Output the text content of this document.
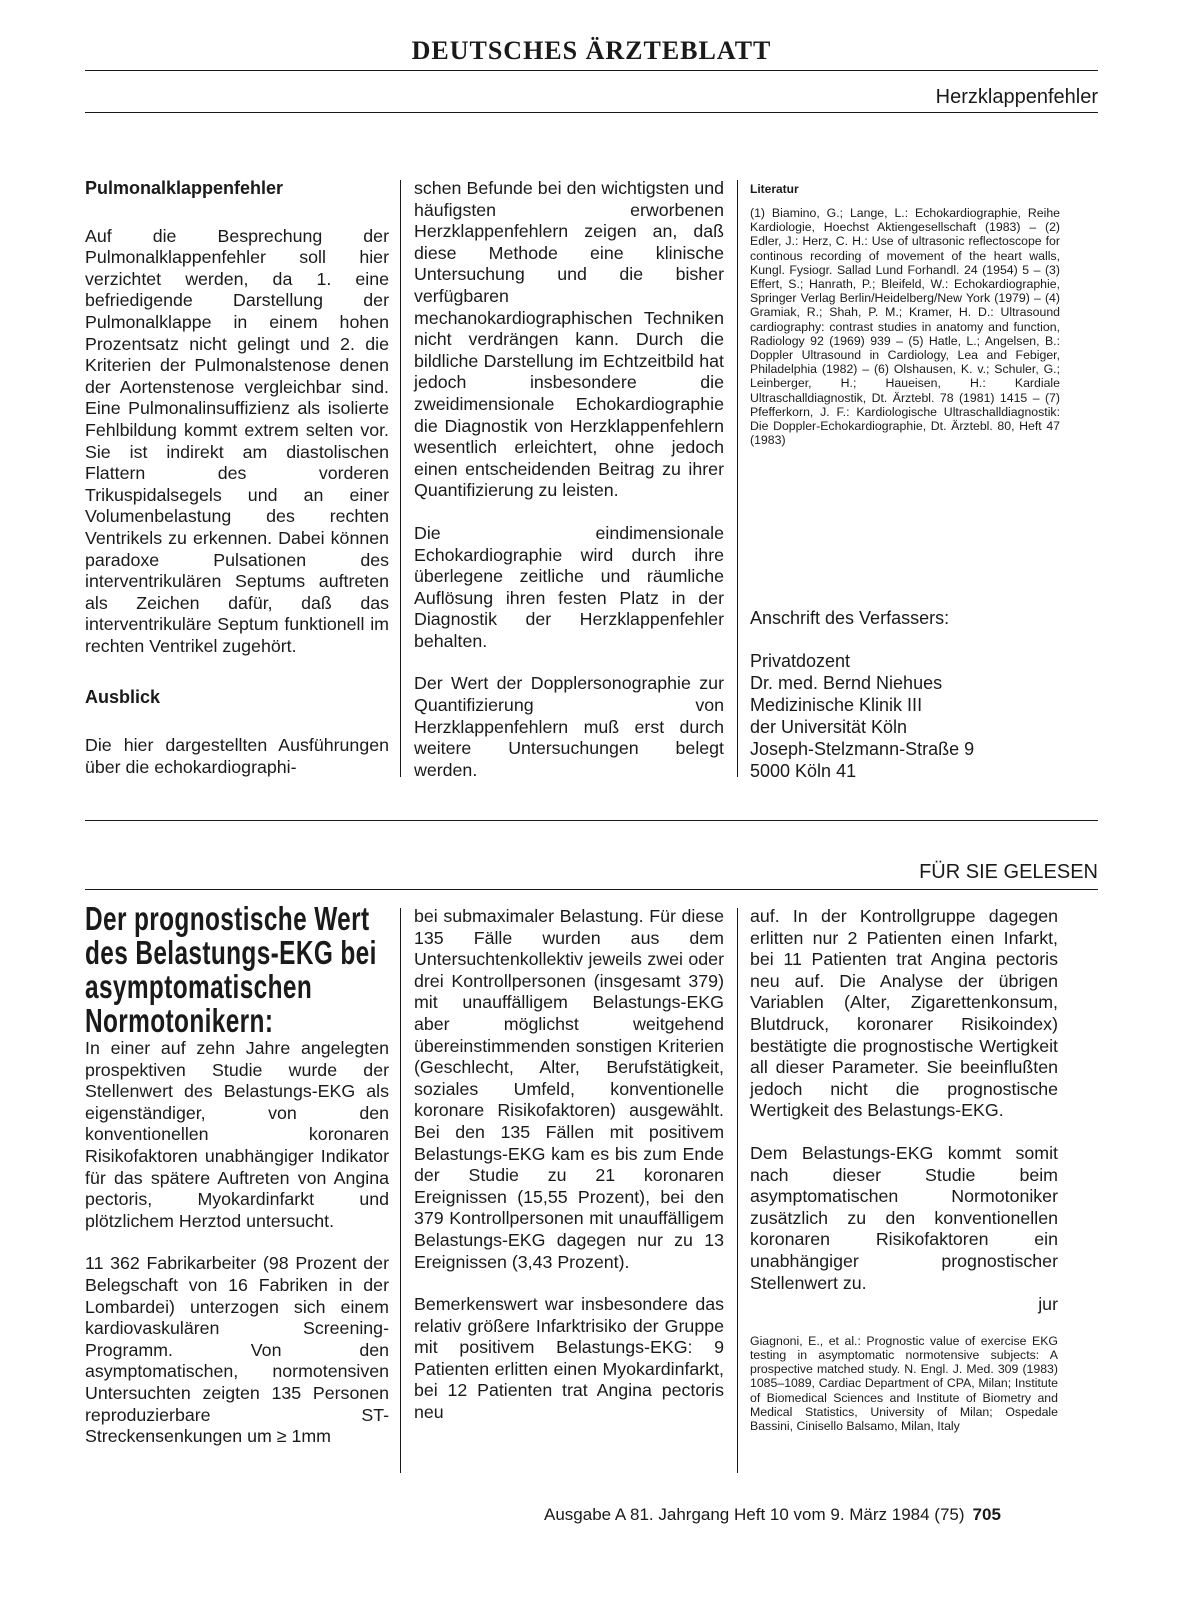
DEUTSCHES ÄRZTEBLATT
Herzklappenfehler
Pulmonalklappenfehler

Auf die Besprechung der Pulmonalklappenfehler soll hier verzichtet werden, da 1. eine befriedigende Darstellung der Pulmonalklappe in einem hohen Prozentsatz nicht gelingt und 2. die Kriterien der Pulmonalstenose denen der Aortenstenose vergleichbar sind. Eine Pulmonalinsuffizienz als isolierte Fehlbildung kommt extrem selten vor. Sie ist indirekt am diastolischen Flattern des vorderen Trikuspidalsegels und an einer Volumenbelastung des rechten Ventrikels zu erkennen. Dabei können paradoxe Pulsationen des interventrikulären Septums auftreten als Zeichen dafür, daß das interventrikuläre Septum funktionell im rechten Ventrikel zugehört.

Ausblick

Die hier dargestellten Ausführungen über die echokardiographi-

schen Befunde bei den wichtigsten und häufigsten erworbenen Herzklappenfehlern zeigen an, daß diese Methode eine klinische Untersuchung und die bisher verfügbaren mechanokardiographischen Techniken nicht verdrängen kann. Durch die bildliche Darstellung im Echtzeitbild hat jedoch insbesondere die zweidimensionale Echokardiographie die Diagnostik von Herzklappenfehlern wesentlich erleichtert, ohne jedoch einen entscheidenden Beitrag zu ihrer Quantifizierung zu leisten.

Die eindimensionale Echokardiographie wird durch ihre überlegene zeitliche und räumliche Auflösung ihren festen Platz in der Diagnostik der Herzklappenfehler behalten.

Der Wert der Dopplersonographie zur Quantifizierung von Herzklappenfehlern muß erst durch weitere Untersuchungen belegt werden.

Literatur
(1) Biamino, G.; Lange, L.: Echokardiographie, Reihe Kardiologie, Hoechst Aktiengesellschaft (1983) – (2) Edler, J.: Herz, C. H.: Use of ultrasonic reflectoscope for continous recording of movement of the heart walls, Kungl. Fysiogr. Sallad Lund Forhandl. 24 (1954) 5 – (3) Effert, S.; Hanrath, P.; Bleifeld, W.: Echokardiographie, Springer Verlag Berlin/Heidelberg/New York (1979) – (4) Gramiak, R.; Shah, P. M.; Kramer, H. D.: Ultrasound cardiography: contrast studies in anatomy and function, Radiology 92 (1969) 939 – (5) Hatle, L.; Angelsen, B.: Doppler Ultrasound in Cardiology, Lea and Febiger, Philadelphia (1982) – (6) Olshausen, K. v.; Schuler, G.; Leinberger, H.; Haueisen, H.: Kardiale Ultraschalldiagnostik, Dt. Ärztebl. 78 (1981) 1415 – (7) Pfefferkorn, J. F.: Kardiologische Ultraschalldiagnostik: Die Doppler-Echokardiographie, Dt. Ärztebl. 80, Heft 47 (1983)
Anschrift des Verfassers:
Privatdozent
Dr. med. Bernd Niehues
Medizinische Klinik III
der Universität Köln
Joseph-Stelzmann-Straße 9
5000 Köln 41
FÜR SIE GELESEN
Der prognostische Wert des Belastungs-EKG bei asymptomatischen Normotonikern:

In einer auf zehn Jahre angelegten prospektiven Studie wurde der Stellenwert des Belastungs-EKG als eigenständiger, von den konventionellen koronaren Risikofaktoren unabhängiger Indikator für das spätere Auftreten von Angina pectoris, Myokardinfarkt und plötzlichem Herztod untersucht.

11 362 Fabrikarbeiter (98 Prozent der Belegschaft von 16 Fabriken in der Lombardei) unterzogen sich einem kardiovaskulären Screening-Programm. Von den asymptomatischen, normotensiven Untersuchten zeigten 135 Personen reproduzierbare ST-Streckensenkungen um ≥ 1mm

bei submaximaler Belastung. Für diese 135 Fälle wurden aus dem Untersuchtenkollektiv jeweils zwei oder drei Kontrollpersonen (insgesamt 379) mit unauffälligem Belastungs-EKG aber möglichst weitgehend übereinstimmenden sonstigen Kriterien (Geschlecht, Alter, Berufstätigkeit, soziales Umfeld, konventionelle koronare Risikofaktoren) ausgewählt. Bei den 135 Fällen mit positivem Belastungs-EKG kam es bis zum Ende der Studie zu 21 koronaren Ereignissen (15,55 Prozent), bei den 379 Kontrollpersonen mit unauffälligem Belastungs-EKG dagegen nur zu 13 Ereignissen (3,43 Prozent).

Bemerkenswert war insbesondere das relativ größere Infarktrisiko der Gruppe mit positivem Belastungs-EKG: 9 Patienten erlitten einen Myokardinfarkt, bei 12 Patienten trat Angina pectoris neu

auf. In der Kontrollgruppe dagegen erlitten nur 2 Patienten einen Infarkt, bei 11 Patienten trat Angina pectoris neu auf. Die Analyse der übrigen Variablen (Alter, Zigarettenkonsum, Blutdruck, koronarer Risikoindex) bestätigte die prognostische Wertigkeit all dieser Parameter. Sie beeinflußten jedoch nicht die prognostische Wertigkeit des Belastungs-EKG.

Dem Belastungs-EKG kommt somit nach dieser Studie beim asymptomatischen Normotoniker zusätzlich zu den konventionellen koronaren Risikofaktoren ein unabhängiger prognostischer Stellenwert zu.

jur
Giagnoni, E., et al.: Prognostic value of exercise EKG testing in asymptomatic normotensive subjects: A prospective matched study. N. Engl. J. Med. 309 (1983) 1085–1089, Cardiac Department of CPA, Milan; Institute of Biomedical Sciences and Institute of Biometry and Medical Statistics, University of Milan; Ospedale Bassini, Cinisello Balsamo, Milan, Italy
Ausgabe A 81. Jahrgang Heft 10 vom 9. März 1984 (75) 705
